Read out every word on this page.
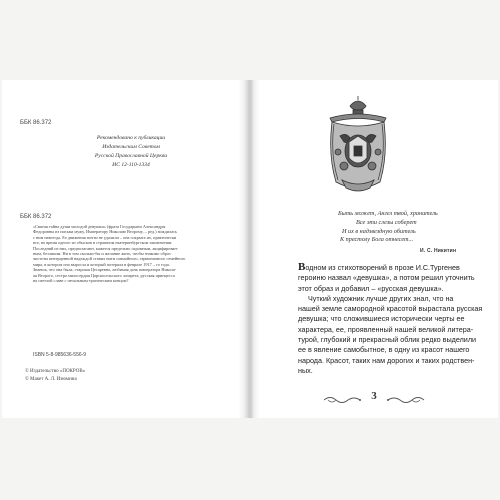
ББК 86.372
Рекомендовано к публикации
Издательским Советом
Русской Православной Церкви
ИС 12-110-1334
ББК 86.372
«Святая тайна души молодой девушки» (фраза Государыни Александры
Федоровны из письма мужу, Императору Николаю Второму, – ред.) зиждилась
с ним навсегда. Ее движения почти не удалили – она сокрыта их, практически
все, во время одного из обысков в страшном екатеринбургском заключении.
Последний из них, предполагают, кажется предельно скромным, акцифирован-
ным, безликим. Ни в том сколько-бы и желание жить, чтобы знакомо образ
чистоты интерценной надеждой ставил нити совмойного, гармоничного семейного
мира, в котором она выросла и который потеряла в феврале 1917 – го года.
Знаешь, что она была, старшая Цесаревна, любимая дочь императора Никола-
ая Второго, сестра милосердия Царскосельского лазарета, русская принцесса
на светлой славе с печальным трагическим концом?
ISBN 5-8-985636-556-9
© Издательство «ПОКРОВ»
© Макет А. Л. Изюмина
Быть может, Ангел твой, хранитель
Все эти слезы соберет
И их в надзвездную обитель
К престолу Бога отнесет...
И. С. Никитин
Водном из стихотворений в прозе И.С.Тургенев
героиню назвал «девушка», а потом решил уточнить
этот образ и добавил – «русская девушка».
Чуткий художник лучше других знал, что на
нашей земле самородной красотой вырастала русская
девушка; что сложившиеся исторически черты ее
характера, ее, проявленный нашей великой литера-
турой, глубокий и прекрасный облик редко выделили
ее в явление самобытное, в одну из красот нашего
народа. Красот, таких нам дорогих и таких родствен-
ных.
3
